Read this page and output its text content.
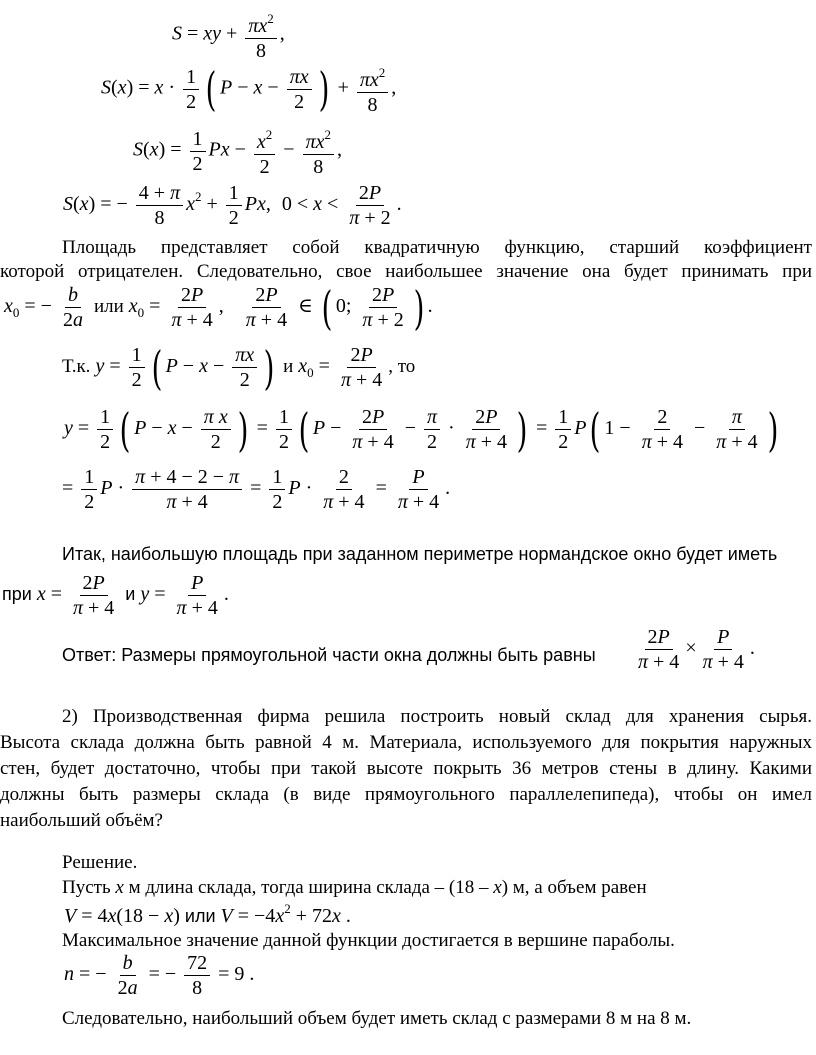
S = xy + $\frac{\pi x^2}{8}$ ,
$S(x) = x \cdot \frac{1}{2}$ ( $P - x - \frac{\pi x}{2}$ ) + $\frac{\pi x^2}{8}$ ,
$S(x) = \frac{1}{2}$ $Px - \frac{x^2}{2} - \frac{\pi x^2}{8}$ ,
S(x) = − $\frac{4 + \pi}{8} x^2 + \frac{1}{2} Px$, $0 < x < \frac{2P}{\pi + 2}$ .
Площадь представляет собой квадратичную функцию, старший коэффициент
которой отрицателен. Следовательно, свое наибольшее значение она будет принимать при
$x_0$ = − $\frac{b}{2a}$ или $x_0 = \frac{2P}{\pi + 4}$ , $\frac{2P}{\pi + 4}$ ∈ ( 0; $\frac{2P}{\pi + 2}$ ) .
Т.к. $y = \frac{1}{2}$ ( $P - x - \frac{\pi x}{2}$ ) и $x_0 = \frac{2P}{\pi + 4}$ , то
$y = \frac{1}{2}$ ( $P - x - \frac{\text{π x}}{2}$ ) = $\frac{1}{2}$ ( $P - \frac{2P}{\pi + 4} - \frac{\pi}{2} \cdot \frac{2P}{\pi + 4}$ ) = $\frac{1}{2} P$( $1 - \frac{2}{\pi + 4} - \frac{\pi}{\pi + 4}$ )
= $\frac{1}{2}$ $P \cdot \frac{\pi + 4 - 2 - \pi}{\pi + 4} = \frac{1}{2}$ $P \cdot \frac{2}{\pi + 4} = \frac{P}{\pi + 4}$ .
Итак, наибольшую площадь при заданном периметре нормандское окно будет иметь
при $x = \frac{2P}{\pi + 4}$ и $y = \frac{P}{\pi + 4}$ .
Ответ: Размеры прямоугольной части окна должны быть равны $\frac{2P}{\pi + 4} \times \frac{P}{\pi + 4}$ .
2) Производственная фирма решила построить новый склад для хранения сырья.
Высота склада должна быть равной 4 м. Материала, используемого для покрытия наружных
стен, будет достаточно, чтобы при такой высоте покрыть 36 метров стены в длину. Какими
должны быть размеры склада (в виде прямоугольного параллелепипеда), чтобы он имел
наибольший объём?
Решение.
Пусть x м длина склада, тогда ширина склада – (18 – x) м, а объем равен
V = 4x(18 − x) или $V = -4x^2 + 72x$ .
Максимальное значение данной функции достигается в вершине параболы.
n = − $\frac{b}{2a}$ = − $\frac{72}{8} = 9$ .
Следовательно, наибольший объем будет иметь склад с размерами 8 м на 8 м.
